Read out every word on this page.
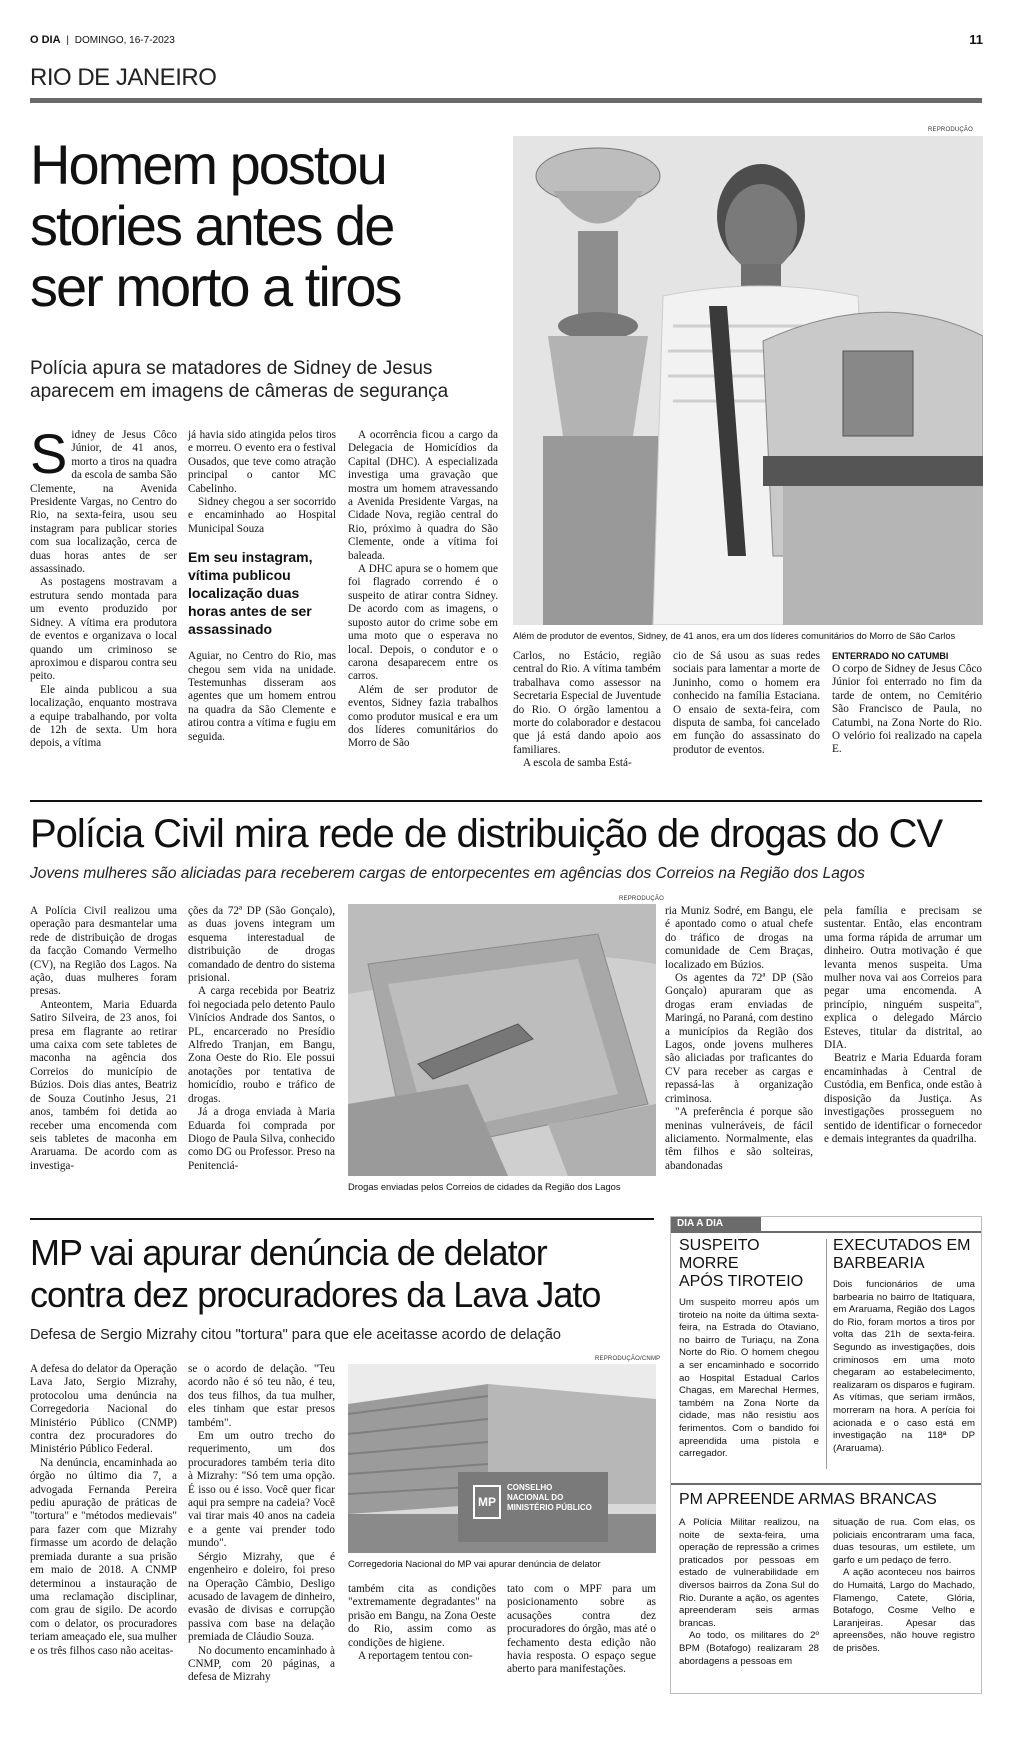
O DIA | DOMINGO, 16-7-2023	11
RIO DE JANEIRO
Homem postou
stories antes de
ser morto a tiros
Polícia apura se matadores de Sidney de Jesus
aparecem em imagens de câmeras de segurança
REPRODUÇÃO
Além de produtor de eventos, Sidney, de 41 anos, era um dos líderes comunitários do Morro de São Carlos
S idney de Jesus Côco Júnior, de 41 anos, morto a tiros na quadra da escola de samba São Clemente, na Avenida Presidente Vargas, no Centro do Rio, na sexta-feira, usou seu instagram para publicar stories com sua localização, cerca de duas horas antes de ser assassinado.

As postagens mostravam a estrutura sendo montada para um evento produzido por Sidney. A vítima era produtora de eventos e organizava o local quando um criminoso se aproximou e disparou contra seu peito.

Ele ainda publicou a sua localização, enquanto mostrava a equipe trabalhando, por volta de 12h de sexta. Um hora depois, a vítima

já havia sido atingida pelos tiros e morreu. O evento era o festival Ousados, que teve como atração principal o cantor MC Cabelinho.

Sidney chegou a ser socorrido e encaminhado ao Hospital Municipal Souza

Em seu instagram, vítima publicou localização duas horas antes de ser assassinado

Aguiar, no Centro do Rio, mas chegou sem vida na unidade. Testemunhas disseram aos agentes que um homem entrou na quadra da São Clemente e atirou contra a vítima e fugiu em seguida.

A ocorrência ficou a cargo da Delegacia de Homicídios da Capital (DHC). A especializada investiga uma gravação que mostra um homem atravessando a Avenida Presidente Vargas, na Cidade Nova, região central do Rio, próximo à quadra do São Clemente, onde a vítima foi baleada.

A DHC apura se o homem que foi flagrado correndo é o suspeito de atirar contra Sidney. De acordo com as imagens, o suposto autor do crime sobe em uma moto que o esperava no local. Depois, o condutor e o carona desaparecem entre os carros.

Além de ser produtor de eventos, Sidney fazia trabalhos como produtor musical e era um dos líderes comunitários do Morro de São

Carlos, no Estácio, região central do Rio. A vítima também trabalhava como assessor na Secretaria Especial de Juventude do Rio. O órgão lamentou a morte do colaborador e destacou que já está dando apoio aos familiares.

A escola de samba Está-

cio de Sá usou as suas redes sociais para lamentar a morte de Juninho, como o homem era conhecido na família Estaciana. O ensaio de sexta-feira, com disputa de samba, foi cancelado em função do assassinato do produtor de eventos.

ENTERRADO NO CATUMBI

O corpo de Sidney de Jesus Côco Júnior foi enterrado no fim da tarde de ontem, no Cemitério São Francisco de Paula, no Catumbi, na Zona Norte do Rio. O velório foi realizado na capela E.

Polícia Civil mira rede de distribuição de drogas do CV
Jovens mulheres são aliciadas para receberem cargas de entorpecentes em agências dos Correios na Região dos Lagos

A Polícia Civil realizou uma operação para desmantelar uma rede de distribuição de drogas da facção Comando Vermelho (CV), na Região dos Lagos. Na ação, duas mulheres foram presas.

Anteontem, Maria Eduarda Satiro Silveira, de 23 anos, foi presa em flagrante ao retirar uma caixa com sete tabletes de maconha na agência dos Correios do município de Búzios. Dois dias antes, Beatriz de Souza Coutinho Jesus, 21 anos, também foi detida ao receber uma encomenda com seis tabletes de maconha em Araruama. De acordo com as investiga-

ções da 72ª DP (São Gonçalo), as duas jovens integram um esquema interestadual de distribuição de drogas comandado de dentro do sistema prisional.

A carga recebida por Beatriz foi negociada pelo detento Paulo Vinícios Andrade dos Santos, o PL, encarcerado no Presídio Alfredo Tranjan, em Bangu, Zona Oeste do Rio. Ele possui anotações por tentativa de homicídio, roubo e tráfico de drogas.

Já a droga enviada à Maria Eduarda foi comprada por Diogo de Paula Silva, conhecido como DG ou Professor. Preso na Penitenciá-

REPRODUÇÃO
Drogas enviadas pelos Correios de cidades da Região dos Lagos

ria Muniz Sodré, em Bangu, ele é apontado como o atual chefe do tráfico de drogas na comunidade de Cem Braças, localizado em Búzios.

Os agentes da 72ª DP (São Gonçalo) apuraram que as drogas eram enviadas de Maringá, no Paraná, com destino a municípios da Região dos Lagos, onde jovens mulheres são aliciadas por traficantes do CV para receber as cargas e repassá-las à organização criminosa.

"A preferência é porque são meninas vulneráveis, de fácil aliciamento. Normalmente, elas têm filhos e são solteiras, abandonadas

pela família e precisam se sustentar. Então, elas encontram uma forma rápida de arrumar um dinheiro. Outra motivação é que levanta menos suspeita. Uma mulher nova vai aos Correios para pegar uma encomenda. A princípio, ninguém suspeita", explica o delegado Márcio Esteves, titular da distrital, ao DIA.

Beatriz e Maria Eduarda foram encaminhadas à Central de Custódia, em Benfica, onde estão à disposição da Justiça. As investigações prosseguem no sentido de identificar o fornecedor e demais integrantes da quadrilha.

MP vai apurar denúncia de delator
contra dez procuradores da Lava Jato
Defesa de Sergio Mizrahy citou "tortura" para que ele aceitasse acordo de delação

A defesa do delator da Operação Lava Jato, Sergio Mizrahy, protocolou uma denúncia na Corregedoria Nacional do Ministério Público (CNMP) contra dez procuradores do Ministério Público Federal.

Na denúncia, encaminhada ao órgão no último dia 7, a advogada Fernanda Pereira pediu apuração de práticas de "tortura" e "métodos medievais" para fazer com que Mizrahy firmasse um acordo de delação premiada durante a sua prisão em maio de 2018. A CNMP determinou a instauração de uma reclamação disciplinar, com grau de sigilo. De acordo com o delator, os procuradores teriam ameaçado ele, sua mulher e os três filhos caso não aceitas-

se o acordo de delação. "Teu acordo não é só teu não, é teu, dos teus filhos, da tua mulher, eles tinham que estar presos também".

Em um outro trecho do requerimento, um dos procuradores também teria dito à Mizrahy: "Só tem uma opção. É isso ou é isso. Você quer ficar aqui pra sempre na cadeia? Você vai tirar mais 40 anos na cadeia e a gente vai prender todo mundo".

Sérgio Mizrahy, que é engenheiro e doleiro, foi preso na Operação Câmbio, Desligo acusado de lavagem de dinheiro, evasão de divisas e corrupção passiva com base na delação premiada de Cláudio Souza.

No documento encaminhado à CNMP, com 20 páginas, a defesa de Mizrahy

REPRODUÇÃO/CNMP
MP
CONSELHO
NACIONAL DO
MINISTÉRIO PÚBLICO
Corregedoria Nacional do MP vai apurar denúncia de delator

também cita as condições "extremamente degradantes" na prisão em Bangu, na Zona Oeste do Rio, assim como as condições de higiene.

A reportagem tentou con-

tato com o MPF para um posicionamento sobre as acusações contra dez procuradores do órgão, mas até o fechamento desta edição não havia resposta. O espaço segue aberto para manifestações.

DIA A DIA
SUSPEITO MORRE
APÓS TIROTEIO
Um suspeito morreu após um tiroteio na noite da última sexta-feira, na Estrada do Otaviano, no bairro de Turiaçu, na Zona Norte do Rio. O homem chegou a ser encaminhado e socorrido ao Hospital Estadual Carlos Chagas, em Marechal Hermes, também na Zona Norte da cidade, mas não resistiu aos ferimentos. Com o bandido foi apreendida uma pistola e carregador.
EXECUTADOS EM
BARBEARIA
Dois funcionários de uma barbearia no bairro de Itatiquara, em Araruama, Região dos Lagos do Rio, foram mortos a tiros por volta das 21h de sexta-feira. Segundo as investigações, dois criminosos em uma moto chegaram ao estabelecimento, realizaram os disparos e fugiram. As vítimas, que seriam irmãos, morreram na hora. A perícia foi acionada e o caso está em investigação na 118ª DP (Araruama).
PM APREENDE ARMAS BRANCAS

A Polícia Militar realizou, na noite de sexta-feira, uma operação de repressão a crimes praticados por pessoas em estado de vulnerabilidade em diversos bairros da Zona Sul do Rio. Durante a ação, os agentes apreenderam seis armas brancas.

Ao todo, os militares do 2º BPM (Botafogo) realizaram 28 abordagens a pessoas em

situação de rua. Com elas, os policiais encontraram uma faca, duas tesouras, um estilete, um garfo e um pedaço de ferro.

A ação aconteceu nos bairros do Humaitá, Largo do Machado, Flamengo, Catete, Glória, Botafogo, Cosme Velho e Laranjeiras. Apesar das apreensões, não houve registro de prisões.
